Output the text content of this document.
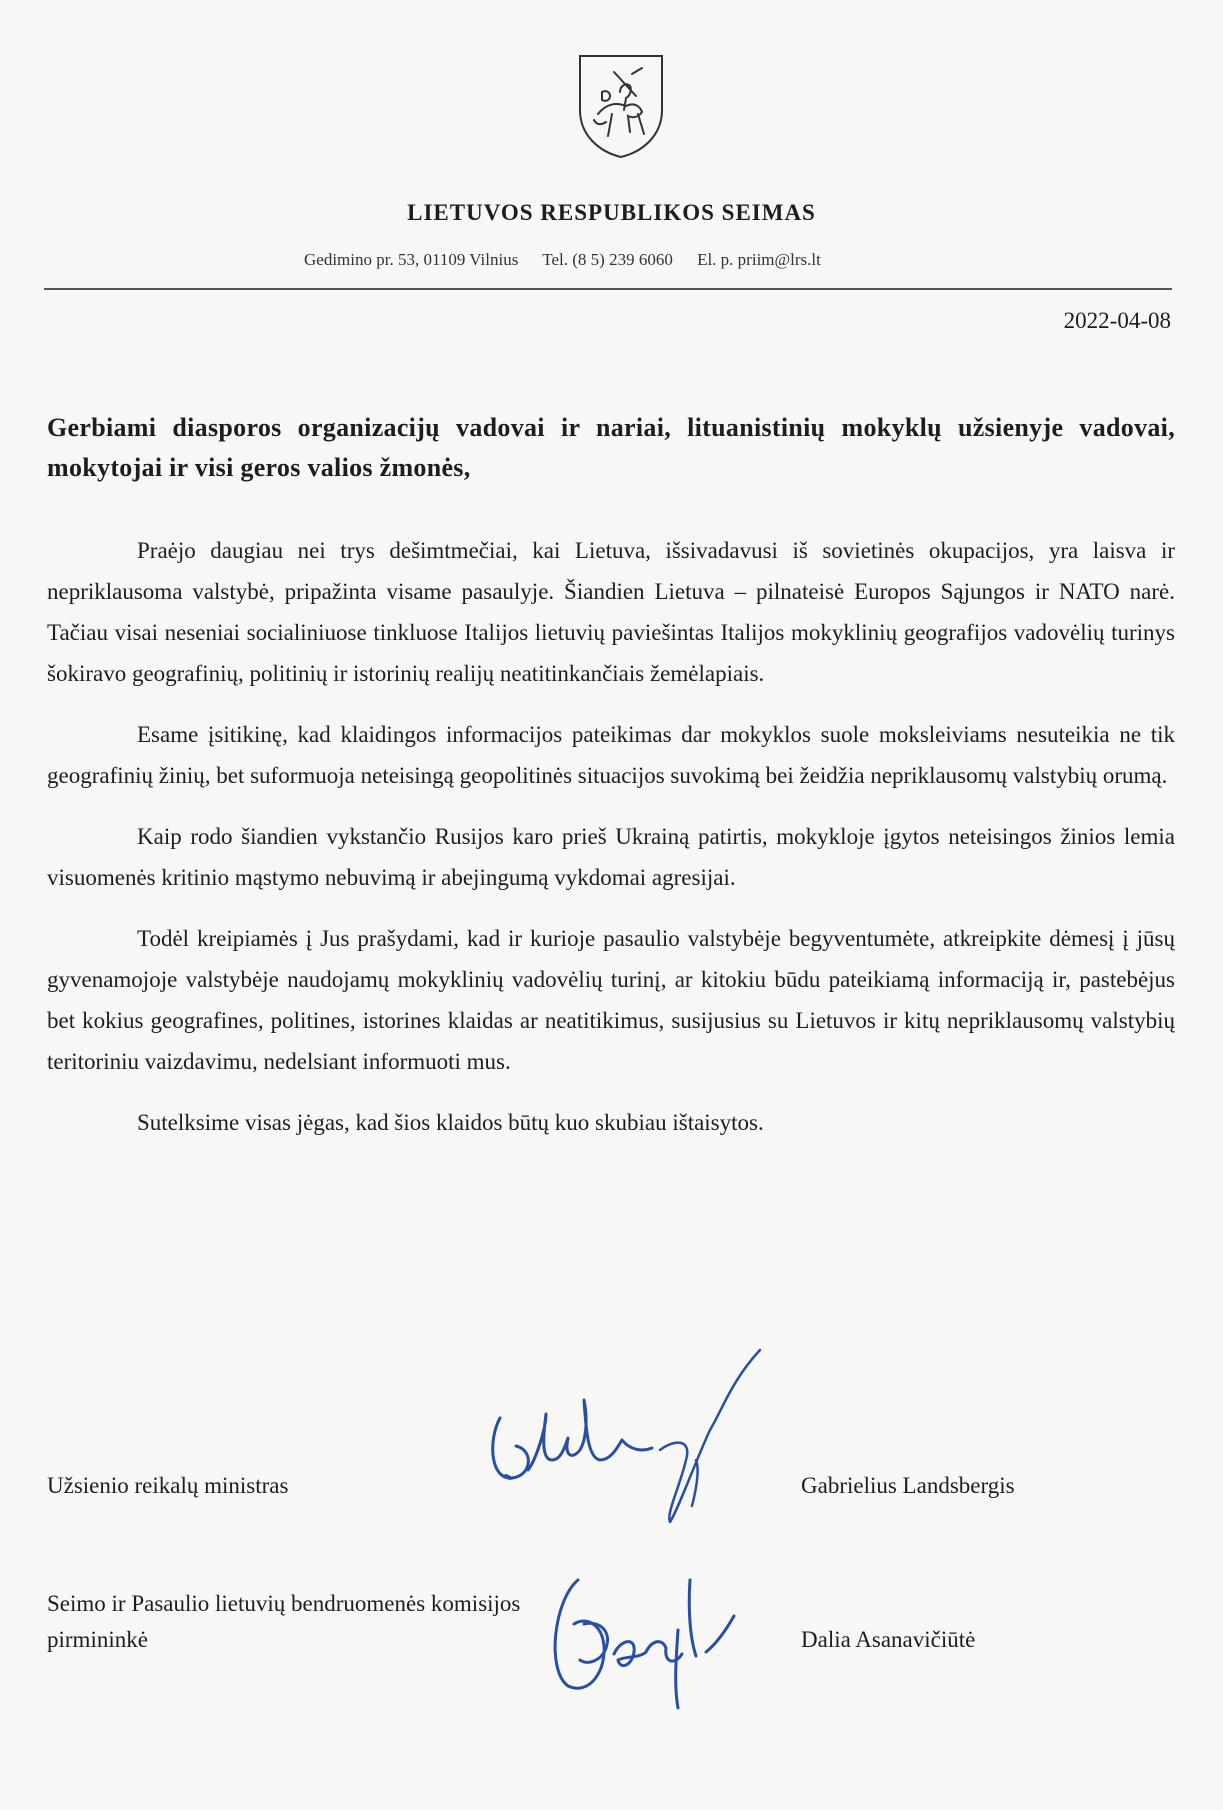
LIETUVOS RESPUBLIKOS SEIMAS
Gedimino pr. 53, 01109 Vilnius Tel. (8 5) 239 6060 El. p. priim@lrs.lt
2022-04-08
Gerbiami diasporos organizacijų vadovai ir nariai, lituanistinių mokyklų užsienyje vadovai, mokytojai ir visi geros valios žmonės,

Praėjo daugiau nei trys dešimtmečiai, kai Lietuva, išsivadavusi iš sovietinės okupacijos, yra laisva ir nepriklausoma valstybė, pripažinta visame pasaulyje. Šiandien Lietuva – pilnateisė Europos Sąjungos ir NATO narė. Tačiau visai neseniai socialiniuose tinkluose Italijos lietuvių paviešintas Italijos mokyklinių geografijos vadovėlių turinys šokiravo geografinių, politinių ir istorinių realijų neatitinkančiais žemėlapiais.

Esame įsitikinę, kad klaidingos informacijos pateikimas dar mokyklos suole moksleiviams nesuteikia ne tik geografinių žinių, bet suformuoja neteisingą geopolitinės situacijos suvokimą bei žeidžia nepriklausomų valstybių orumą.

Kaip rodo šiandien vykstančio Rusijos karo prieš Ukrainą patirtis, mokykloje įgytos neteisingos žinios lemia visuomenės kritinio mąstymo nebuvimą ir abejingumą vykdomai agresijai.

Todėl kreipiamės į Jus prašydami, kad ir kurioje pasaulio valstybėje begyventumėte, atkreipkite dėmesį į jūsų gyvenamojoje valstybėje naudojamų mokyklinių vadovėlių turinį, ar kitokiu būdu pateikiamą informaciją ir, pastebėjus bet kokius geografines, politines, istorines klaidas ar neatitikimus, susijusius su Lietuvos ir kitų nepriklausomų valstybių teritoriniu vaizdavimu, nedelsiant informuoti mus.

Sutelksime visas jėgas, kad šios klaidos būtų kuo skubiau ištaisytos.

Užsienio reikalų ministras	Gabrielius Landsbergis
Seimo ir Pasaulio lietuvių bendruomenės komisijos pirmininkė	Dalia Asanavičiūtė
